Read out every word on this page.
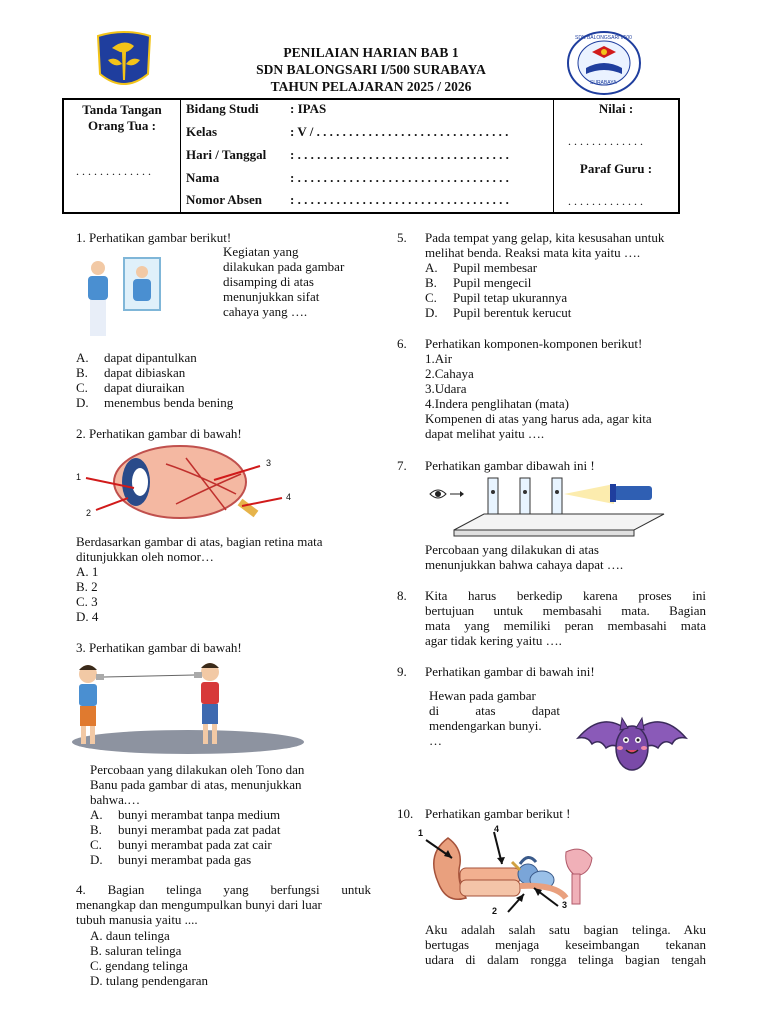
SDN BALONGSARI I/500
SURABAYA
PENILAIAN HARIAN BAB 1
SDN BALONGSARI I/500 SURABAYA
TAHUN PELAJARAN 2025 / 2026
Tanda Tangan
Orang Tua :
. . . . . . . . . . . . .
Nilai :
. . . . . . . . . . . . .
Paraf Guru :
. . . . . . . . . . . . .
Bidang Studi : IPAS
Kelas	: V / . . . . . . . . . . . . . . . . . . . . . . . . . . . . . .
Hari / Tanggal : . . . . . . . . . . . . . . . . . . . . . . . . . . . . . . . . .
Nama	: . . . . . . . . . . . . . . . . . . . . . . . . . . . . . . . . .
Nomor Absen : . . . . . . . . . . . . . . . . . . . . . . . . . . . . . . . . .
1. Perhatikan gambar berikut!
Kegiatan yang
dilakukan pada gambar
disamping di atas
menunjukkan sifat
cahaya yang ….
A. dapat dipantulkan
B. dapat dibiaskan
C. dapat diuraikan
D. menembus benda bening
2. Perhatikan gambar di bawah!
1
2
3
4
Berdasarkan gambar di atas, bagian retina mata
ditunjukkan oleh nomor…
A. 1
B. 2
C. 3
D. 4
3. Perhatikan gambar di bawah!
Percobaan yang dilakukan oleh Tono dan
Banu pada gambar di atas, menunjukkan
bahwa.…
A. bunyi merambat tanpa medium
B. bunyi merambat pada zat padat
C. bunyi merambat pada zat cair
D. bunyi merambat pada gas
4. Bagian telinga yang berfungsi untuk
menangkap dan mengumpulkan bunyi dari luar
tubuh manusia yaitu ....
A. daun telinga
B. saluran telinga
C. gendang telinga
D. tulang pendengaran
5. Pada tempat yang gelap, kita kesusahan untuk
melihat benda. Reaksi mata kita yaitu ….
A. Pupil membesar
B. Pupil mengecil
C. Pupil tetap ukurannya
D. Pupil berentuk kerucut
6. Perhatikan komponen-komponen berikut!
1.Air
2.Cahaya
3.Udara
4.Indera penglihatan (mata)
Kompenen di atas yang harus ada, agar kita
dapat melihat yaitu ….
7. Perhatikan gambar dibawah ini !
Percobaan yang dilakukan di atas
menunjukkan bahwa cahaya dapat ….
8. Kita harus berkedip karena proses ini
bertujuan untuk membasahi mata. Bagian
mata yang memiliki peran membasahi mata
agar tidak kering yaitu ….
9. Perhatikan gambar di bawah ini!
Hewan pada gambar
di atas dapat
mendengarkan bunyi.
…
10. Perhatikan gambar berikut !
1
2
3
4
Aku adalah salah satu bagian telinga. Aku
bertugas menjaga keseimbangan tekanan
udara di dalam rongga telinga bagian tengah
